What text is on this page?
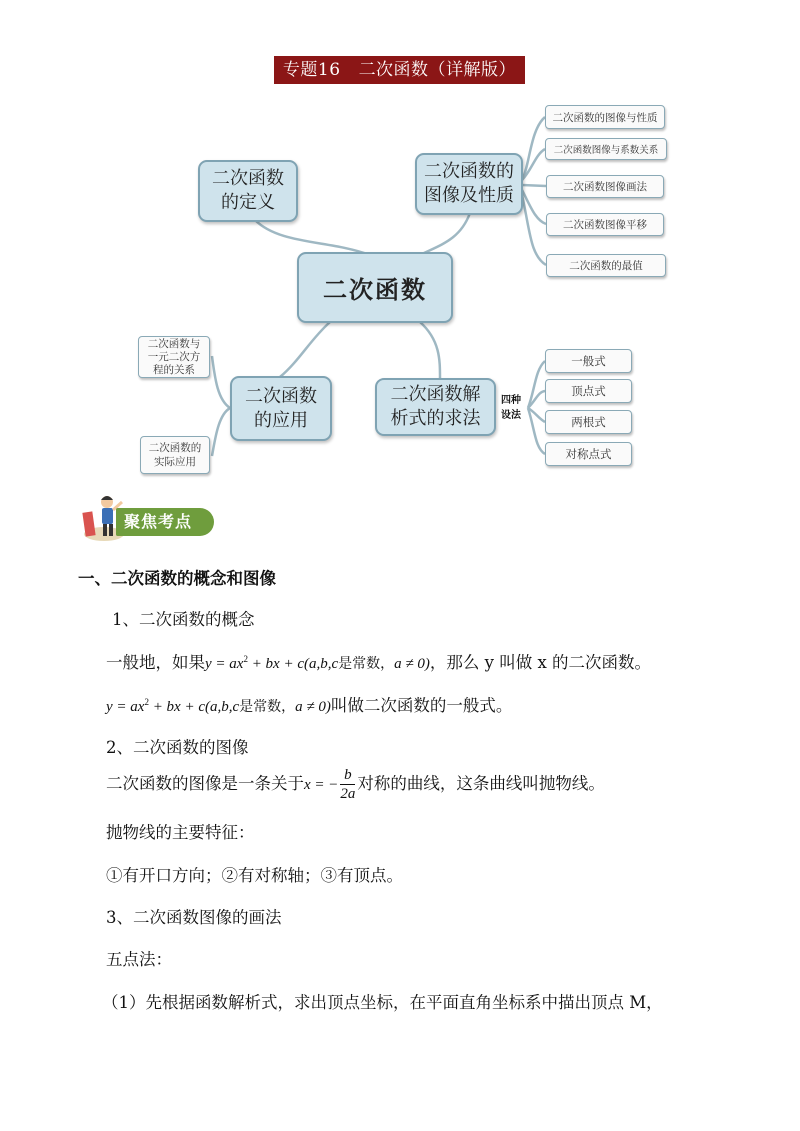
专题16 二次函数（详解版）
二次函数
二次函数
的定义
二次函数的
图像及性质
二次函数
的应用
二次函数解
析式的求法
二次函数的图像与性质
二次函数图像与系数关系
二次函数图像画法
二次函数图像平移
二次函数的最值
二次函数与
一元二次方
程的关系
二次函数的
实际应用
四种
设法
一般式
顶点式
两根式
对称点式
聚焦考点
一、二次函数的概念和图像
1、二次函数的概念
一般地，如果$y = ax^2$ + bx + c(a,b,c是常数，a ≠ 0)，那么 y 叫做 x 的二次函数。
$y = ax^2$ + bx + c(a,b,c是常数，a ≠ 0)叫做二次函数的一般式。
2、二次函数的图像
二次函数的图像是一条关于x = − $\frac{b}{2a}$ 对称的曲线，这条曲线叫抛物线。
抛物线的主要特征：
①有开口方向；②有对称轴；③有顶点。
3、二次函数图像的画法
五点法：
（1）先根据函数解析式，求出顶点坐标，在平面直角坐标系中描出顶点 M，
